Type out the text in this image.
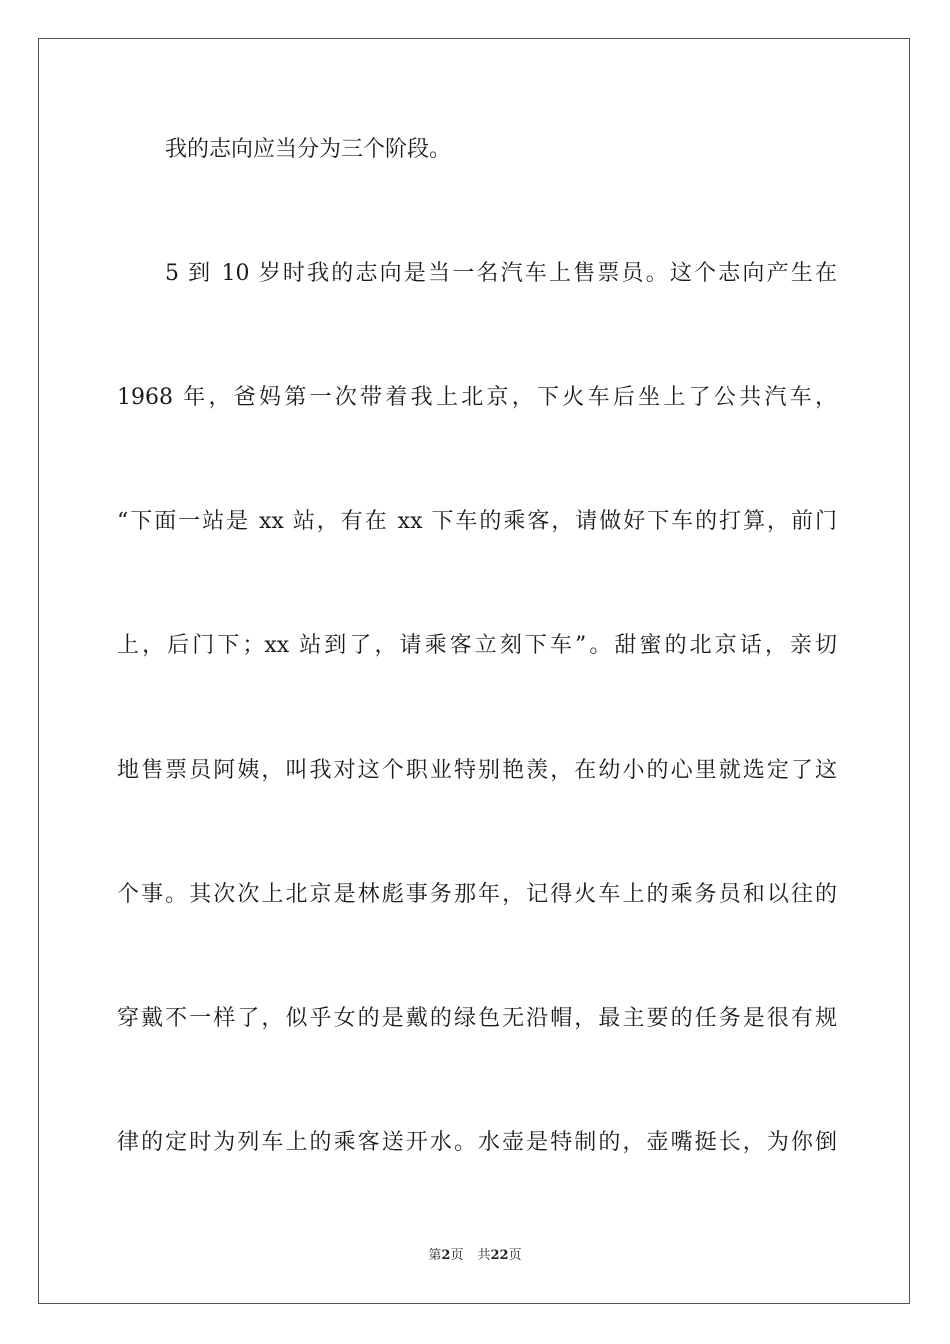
我的志向应当分为三个阶段。
5 到 10 岁时我的志向是当一名汽车上售票员。这个志向产生在
1968 年，爸妈第一次带着我上北京，下火车后坐上了公共汽车，
“下面一站是 xx 站，有在 xx 下车的乘客，请做好下车的打算，前门
上，后门下；xx 站到了，请乘客立刻下车”。甜蜜的北京话，亲切
地售票员阿姨，叫我对这个职业特别艳羡，在幼小的心里就选定了这
个事。其次次上北京是林彪事务那年，记得火车上的乘务员和以往的
穿戴不一样了，似乎女的是戴的绿色无沿帽，最主要的任务是很有规
律的定时为列车上的乘客送开水。水壶是特制的，壶嘴挺长，为你倒
第2页 共22页
